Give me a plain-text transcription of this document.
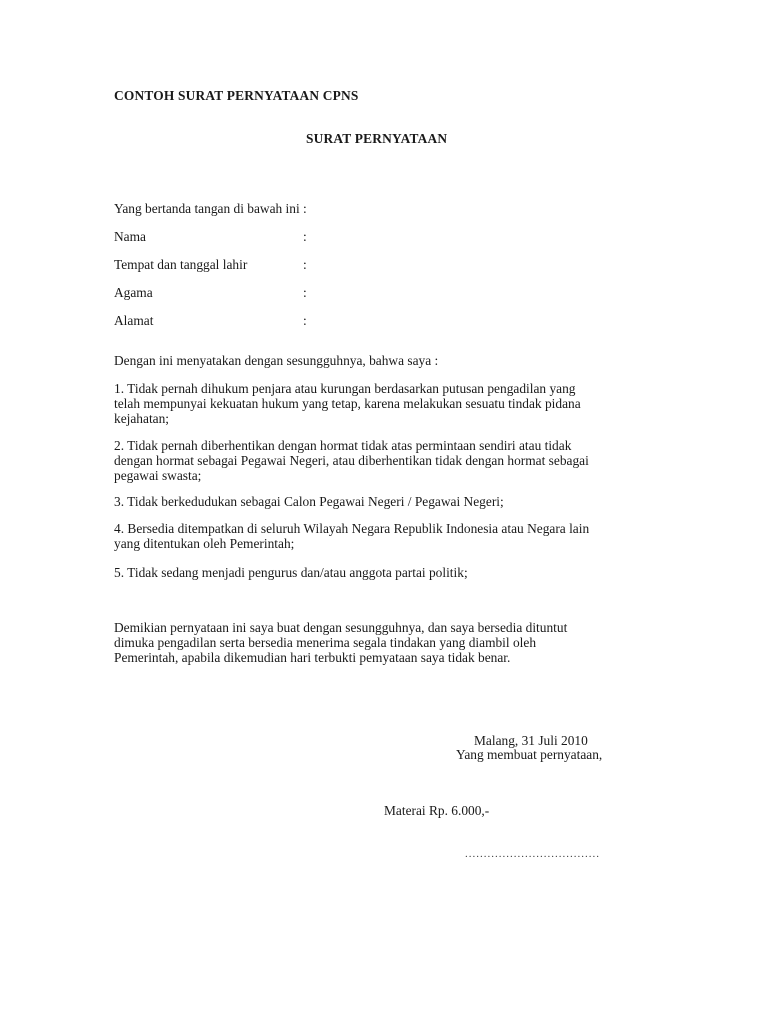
CONTOH SURAT PERNYATAAN CPNS
SURAT PERNYATAAN
Yang bertanda tangan di bawah ini :
Nama	:
Tempat dan tanggal lahir	:
Agama	:
Alamat	:
Dengan ini menyatakan dengan sesungguhnya, bahwa saya :
1. Tidak pernah dihukum penjara atau kurungan berdasarkan putusan pengadilan yang
telah mempunyai kekuatan hukum yang tetap, karena melakukan sesuatu tindak pidana
kejahatan;
2. Tidak pernah diberhentikan dengan hormat tidak atas permintaan sendiri atau tidak
dengan hormat sebagai Pegawai Negeri, atau diberhentikan tidak dengan hormat sebagai
pegawai swasta;
3. Tidak berkedudukan sebagai Calon Pegawai Negeri / Pegawai Negeri;
4. Bersedia ditempatkan di seluruh Wilayah Negara Republik Indonesia atau Negara lain
yang ditentukan oleh Pemerintah;
5. Tidak sedang menjadi pengurus dan/atau anggota partai politik;
Demikian pernyataan ini saya buat dengan sesungguhnya, dan saya bersedia dituntut
dimuka pengadilan serta bersedia menerima segala tindakan yang diambil oleh
Pemerintah, apabila dikemudian hari terbukti pemyataan saya tidak benar.
Malang, 31 Juli 2010
Yang membuat pernyataan,
Materai Rp. 6.000,-
....................................
